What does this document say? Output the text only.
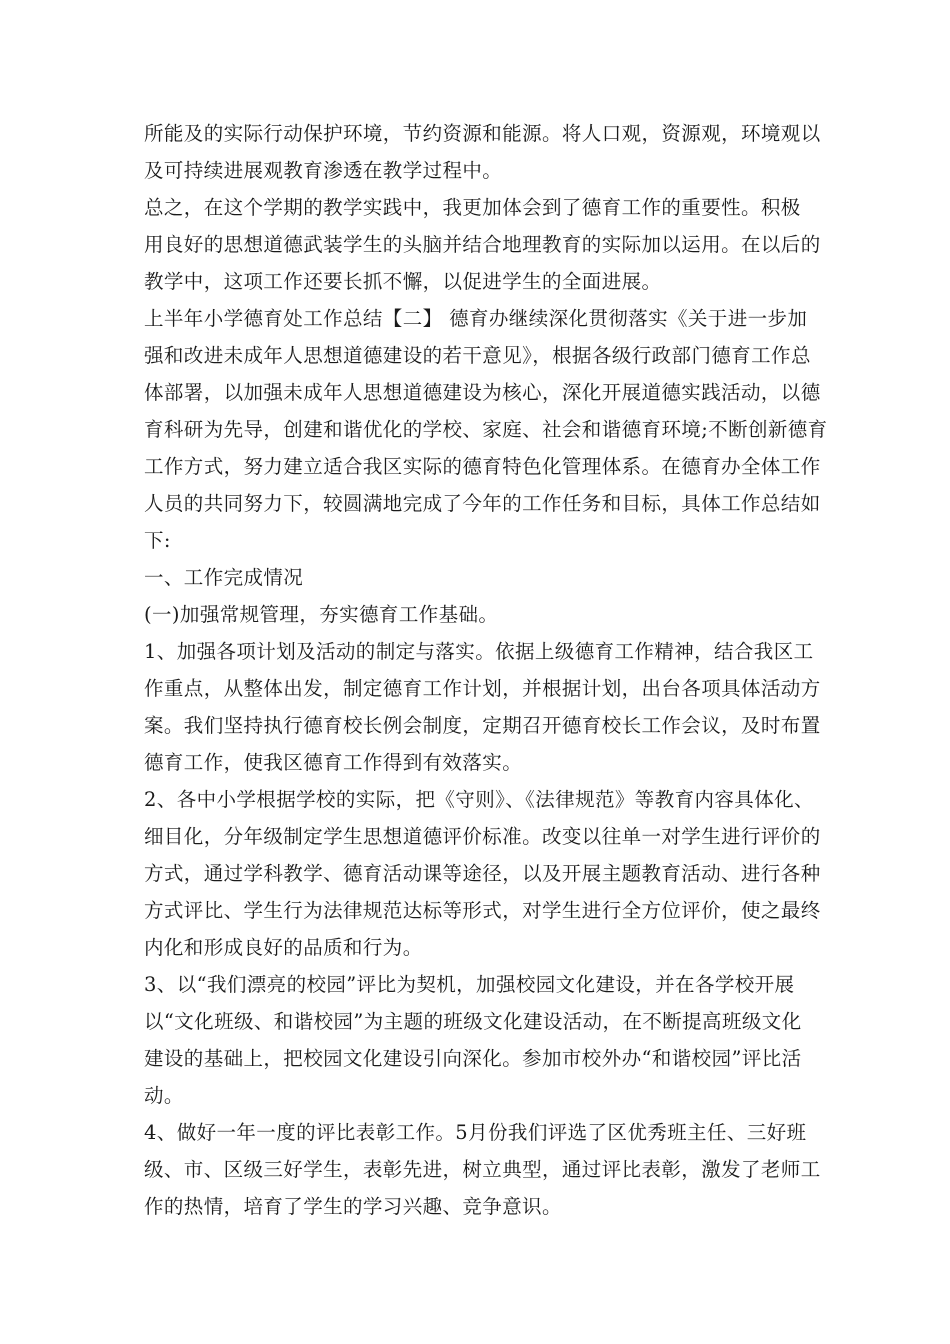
所能及的实际行动保护环境，节约资源和能源。将人口观，资源观，环境观以
及可持续进展观教育渗透在教学过程中。
总之，在这个学期的教学实践中，我更加体会到了德育工作的重要性。积极
用良好的思想道德武装学生的头脑并结合地理教育的实际加以运用。在以后的
教学中，这项工作还要长抓不懈，以促进学生的全面进展。
上半年小学德育处工作总结【二】 德育办继续深化贯彻落实《关于进一步加
强和改进未成年人思想道德建设的若干意见》，根据各级行政部门德育工作总
体部署，以加强未成年人思想道德建设为核心，深化开展道德实践活动，以德
育科研为先导，创建和谐优化的学校、家庭、社会和谐德育环境;不断创新德育
工作方式，努力建立适合我区实际的德育特色化管理体系。在德育办全体工作
人员的共同努力下，较圆满地完成了今年的工作任务和目标，具体工作总结如
下:
一、工作完成情况
(一)加强常规管理，夯实德育工作基础。
1、加强各项计划及活动的制定与落实。依据上级德育工作精神，结合我区工
作重点，从整体出发，制定德育工作计划，并根据计划，出台各项具体活动方
案。我们坚持执行德育校长例会制度，定期召开德育校长工作会议，及时布置
德育工作，使我区德育工作得到有效落实。
2、各中小学根据学校的实际，把《守则》、《法律规范》等教育内容具体化、
细目化，分年级制定学生思想道德评价标准。改变以往单一对学生进行评价的
方式，通过学科教学、德育活动课等途径，以及开展主题教育活动、进行各种
方式评比、学生行为法律规范达标等形式，对学生进行全方位评价，使之最终
内化和形成良好的品质和行为。
3、以“我们漂亮的校园”评比为契机，加强校园文化建设，并在各学校开展
以“文化班级、和谐校园”为主题的班级文化建设活动，在不断提高班级文化
建设的基础上，把校园文化建设引向深化。参加市校外办“和谐校园”评比活
动。
4、做好一年一度的评比表彰工作。5月份我们评选了区优秀班主任、三好班
级、市、区级三好学生，表彰先进，树立典型，通过评比表彰，激发了老师工
作的热情，培育了学生的学习兴趣、竞争意识。
